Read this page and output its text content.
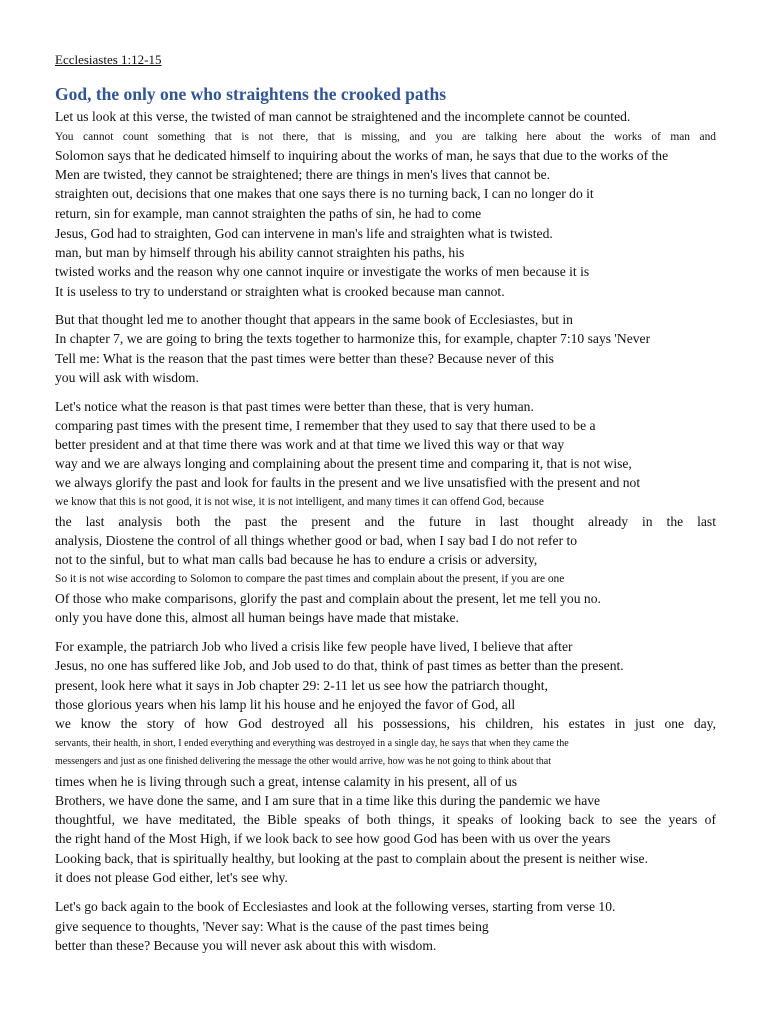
Ecclesiastes 1:12-15
God, the only one who straightens the crooked paths
Let us look at this verse, the twisted of man cannot be straightened and the incomplete cannot be counted.
You cannot count something that is not there, that is missing, and you are talking here about the works of man and
Solomon says that he dedicated himself to inquiring about the works of man, he says that due to the works of the
Men are twisted, they cannot be straightened; there are things in men's lives that cannot be.
straighten out, decisions that one makes that one says there is no turning back, I can no longer do it
return, sin for example, man cannot straighten the paths of sin, he had to come
Jesus, God had to straighten, God can intervene in man's life and straighten what is twisted.
man, but man by himself through his ability cannot straighten his paths, his
twisted works and the reason why one cannot inquire or investigate the works of men because it is
It is useless to try to understand or straighten what is crooked because man cannot.
But that thought led me to another thought that appears in the same book of Ecclesiastes, but in
In chapter 7, we are going to bring the texts together to harmonize this, for example, chapter 7:10 says 'Never
Tell me: What is the reason that the past times were better than these? Because never of this
you will ask with wisdom.
Let's notice what the reason is that past times were better than these, that is very human.
comparing past times with the present time, I remember that they used to say that there used to be a
better president and at that time there was work and at that time we lived this way or that way
way and we are always longing and complaining about the present time and comparing it, that is not wise,
we always glorify the past and look for faults in the present and we live unsatisfied with the present and not
we know that this is not good, it is not wise, it is not intelligent, and many times it can offend God, because
the last analysis both the past the present and the future in last thought already in the last
analysis, Diostene the control of all things whether good or bad, when I say bad I do not refer to
not to the sinful, but to what man calls bad because he has to endure a crisis or adversity,
So it is not wise according to Solomon to compare the past times and complain about the present, if you are one
Of those who make comparisons, glorify the past and complain about the present, let me tell you no.
only you have done this, almost all human beings have made that mistake.
For example, the patriarch Job who lived a crisis like few people have lived, I believe that after
Jesus, no one has suffered like Job, and Job used to do that, think of past times as better than the present.
present, look here what it says in Job chapter 29: 2-11 let us see how the patriarch thought,
those glorious years when his lamp lit his house and he enjoyed the favor of God, all
we know the story of how God destroyed all his possessions, his children, his estates in just one day,
servants, their health, in short, I ended everything and everything was destroyed in a single day, he says that when they came the
messengers and just as one finished delivering the message the other would arrive, how was he not going to think about that
times when he is living through such a great, intense calamity in his present, all of us
Brothers, we have done the same, and I am sure that in a time like this during the pandemic we have
thoughtful, we have meditated, the Bible speaks of both things, it speaks of looking back to see the years of
the right hand of the Most High, if we look back to see how good God has been with us over the years
Looking back, that is spiritually healthy, but looking at the past to complain about the present is neither wise.
it does not please God either, let's see why.
Let's go back again to the book of Ecclesiastes and look at the following verses, starting from verse 10.
give sequence to thoughts, 'Never say: What is the cause of the past times being
better than these? Because you will never ask about this with wisdom.
